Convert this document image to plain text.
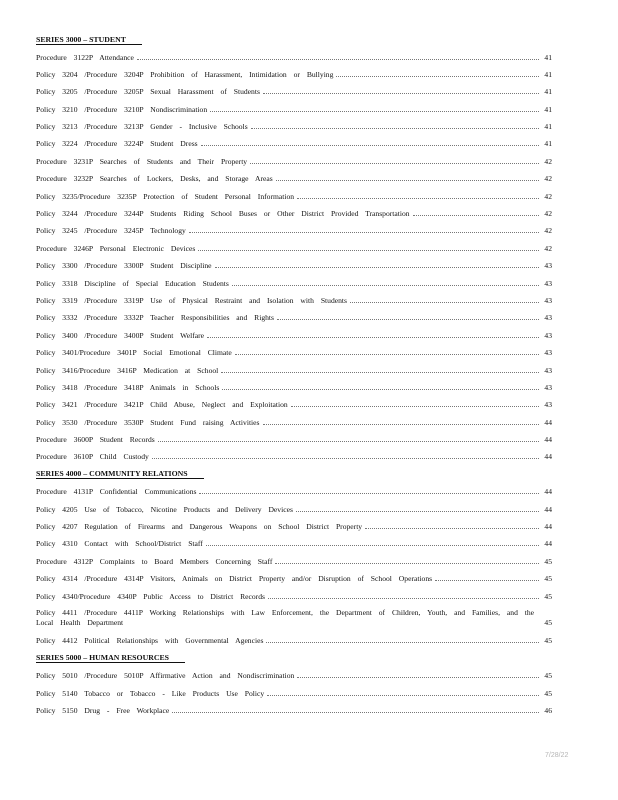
SERIES 3000 – STUDENT
Procedure 3122P Attendance	41
Policy 3204 /Procedure 3204P Prohibition of Harassment, Intimidation or Bullying	41
Policy 3205 /Procedure 3205P Sexual Harassment of Students	41
Policy 3210 /Procedure 3210P Nondiscrimination	41
Policy 3213 /Procedure 3213P Gender - Inclusive Schools	41
Policy 3224 /Procedure 3224P Student Dress	41
Procedure 3231P Searches of Students and Their Property	42
Procedure 3232P Searches of Lockers, Desks, and Storage Areas	42
Policy 3235/Procedure 3235P Protection of Student Personal Information	42
Policy 3244 /Procedure 3244P Students Riding School Buses or Other District Provided Transportation	42
Policy 3245 /Procedure 3245P Technology	42
Procedure 3246P Personal Electronic Devices	42
Policy 3300 /Procedure 3300P Student Discipline	43
Policy 3318 Discipline of Special Education Students	43
Policy 3319 /Procedure 3319P Use of Physical Restraint and Isolation with Students	43
Policy 3332 /Procedure 3332P Teacher Responsibilities and Rights	43
Policy 3400 /Procedure 3400P Student Welfare	43
Policy 3401/Procedure 3401P Social Emotional Climate	43
Policy 3416/Procedure 3416P Medication at School	43
Policy 3418 /Procedure 3418P Animals in Schools	43
Policy 3421 /Procedure 3421P Child Abuse, Neglect and Exploitation	43
Policy 3530 /Procedure 3530P Student Fund raising Activities	44
Procedure 3600P Student Records	44
Procedure 3610P Child Custody	44
SERIES 4000 – COMMUNITY RELATIONS
Procedure 4131P Confidential Communications	44
Policy 4205 Use of Tobacco, Nicotine Products and Delivery Devices	44
Policy 4207 Regulation of Firearms and Dangerous Weapons on School District Property	44
Policy 4310 Contact with School/District Staff	44
Procedure 4312P Complaints to Board Members Concerning Staff	45
Policy 4314 /Procedure 4314P Visitors, Animals on District Property and/or Disruption of School Operations	45
Policy 4340/Procedure 4340P Public Access to District Records	45
Policy 4411 /Procedure 4411P Working Relationships with Law Enforcement, the Department of Children, Youth, and Families, and the Local Health Department	45
Policy 4412 Political Relationships with Governmental Agencies	45
SERIES 5000 – HUMAN RESOURCES
Policy 5010 /Procedure 5010P Affirmative Action and Nondiscrimination	45
Policy 5140 Tobacco or Tobacco - Like Products Use Policy	45
Policy 5150 Drug - Free Workplace	46
7/28/22
